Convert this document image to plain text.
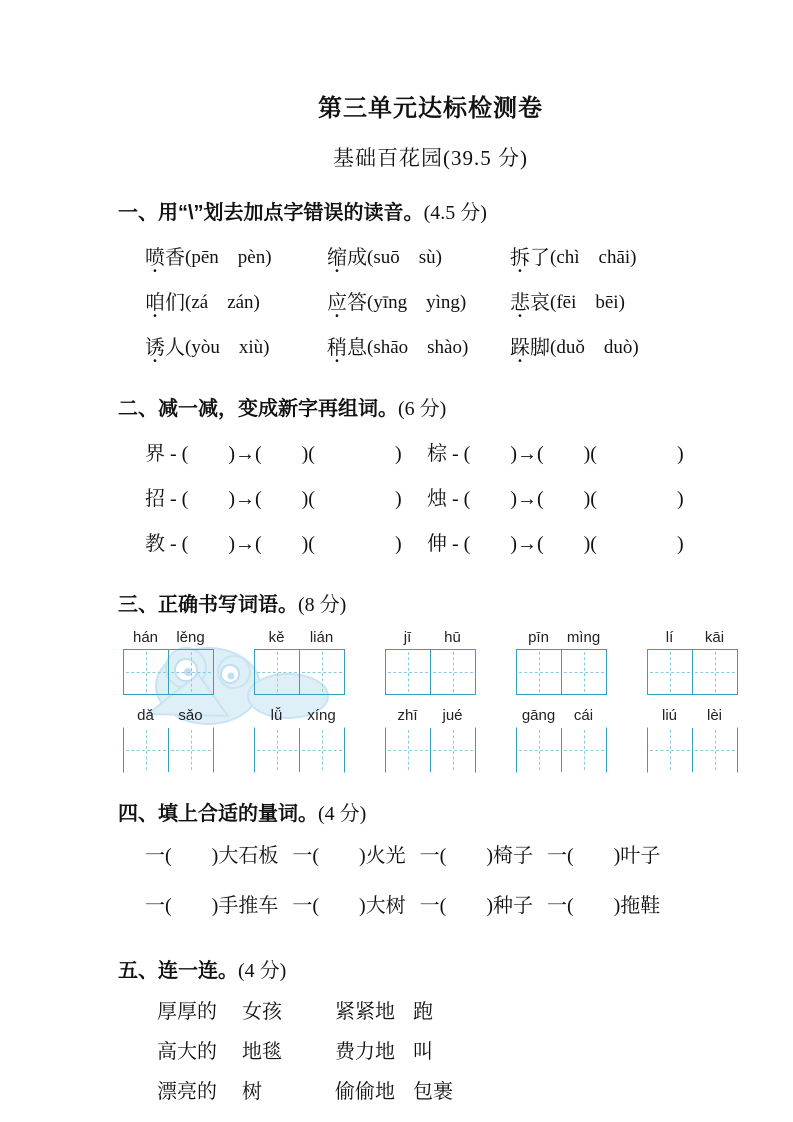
第三单元达标检测卷
基础百花园(39.5 分)
一、用“\”划去加点字错误的读音。(4.5 分)
喷 · 香 (pēn　pèn)	缩 · 成 (suō　sù)	拆 · 了 (chì　chāi)
咱 · 们 (zá　zán)	应 · 答 (yīng　yìng) 悲 · 哀 (fēi　bēi)
诱 · 人 (yòu　xiù)	稍 · 息 (shāo　shào) 跺 · 脚 (duǒ　duò)
二、减一减，变成新字再组词。(6 分)
界 - (　　)→(　　)(　　　　)	棕 - (　　)→(　　)(　　　　)
招 - (　　)→(　　)(　　　　)	烛 - (　　)→(　　)(　　　　)
教 - (　　)→(　　)(　　　　)	伸 - (　　)→(　　)(　　　　)
三、正确书写词语。(8 分)
hán	lěng	kě	lián	jī	hū	pīn	mìng	lí	kāi
dǎ	sǎo	lǚ	xíng	zhī	jué	gāng	cái	liú	lèi
四、填上合适的量词。(4 分)
一(　　)大石板 一(　　)火光 一(　　)椅子 一(　　)叶子
一(　　)手推车 一(　　)大树 一(　　)种子 一(　　)拖鞋
五、连一连。(4 分)
厚厚的	女孩	紧紧地 跑
高大的	地毯	费力地 叫
漂亮的	树	偷偷地 包裹
